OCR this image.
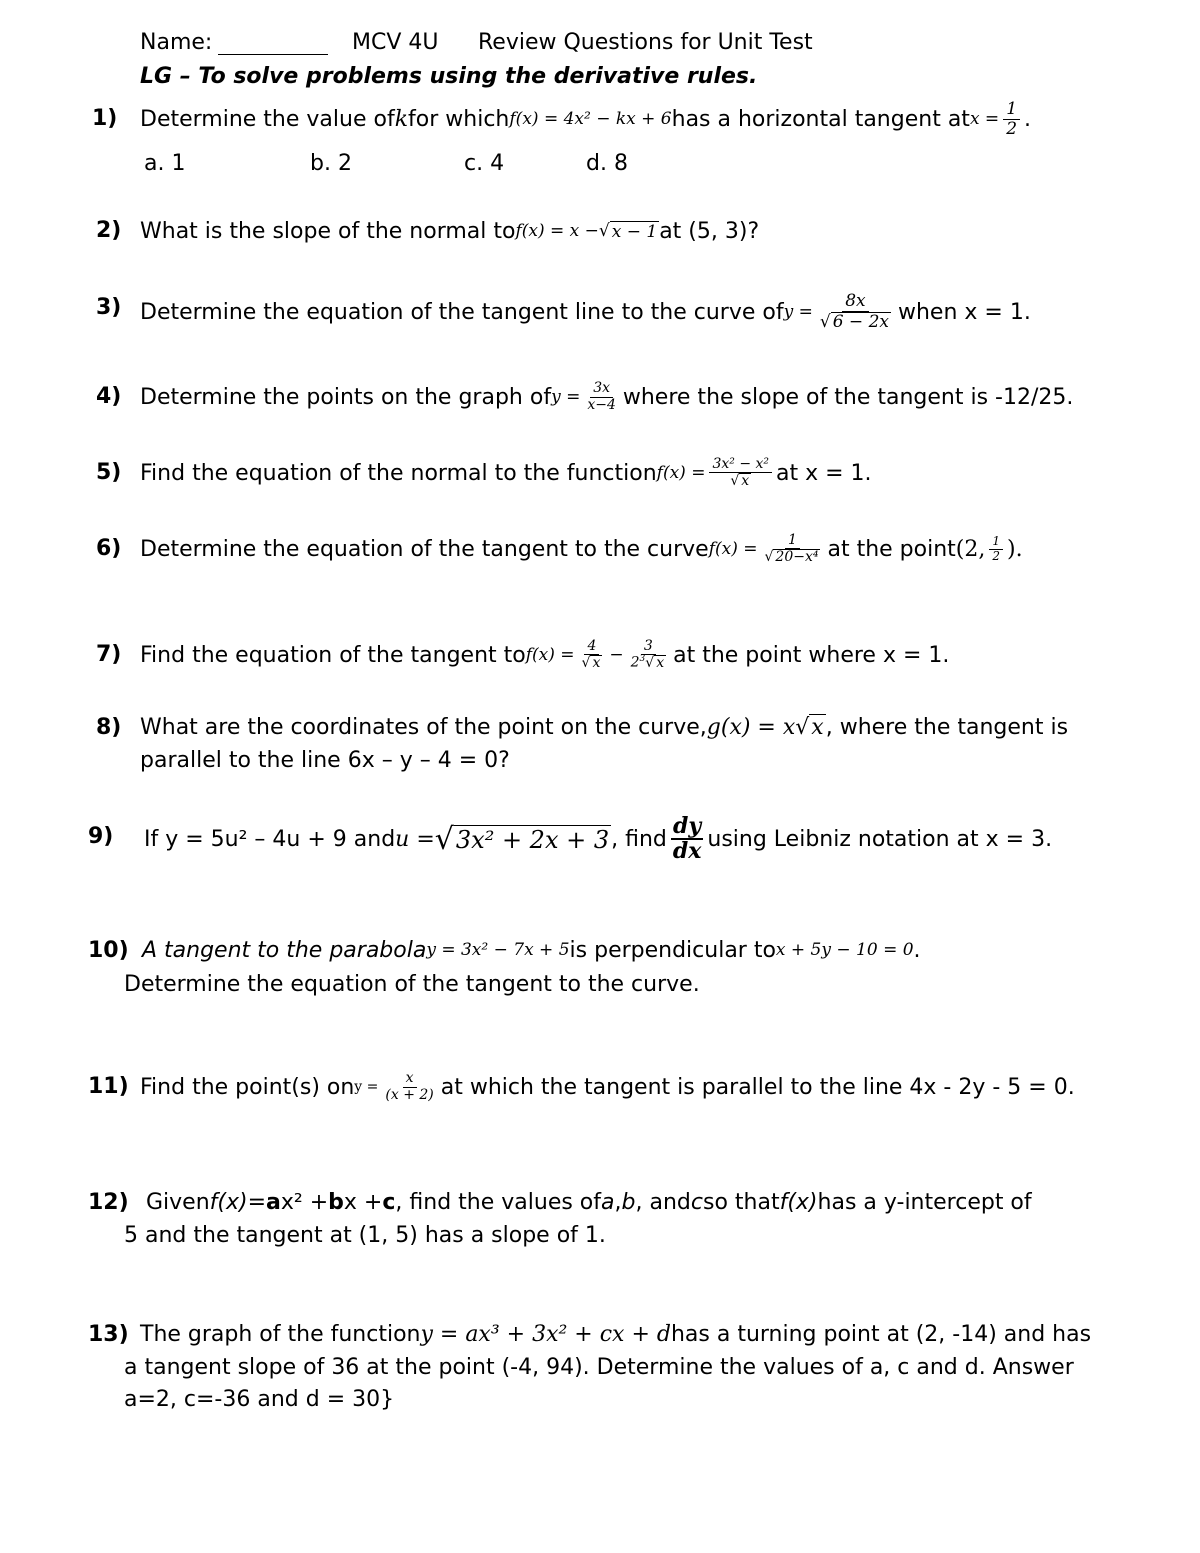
Name:	MCV 4U Review Questions for Unit Test
LG – To solve problems using the derivative rules.
1) Determine the value of k for which f(x) = 4x² − kx + 6 has a horizontal tangent at $x = \frac{1}{2}$ .
a. 1	b. 2	c. 4	d. 8
2) What is the slope of the normal to f(x) = x − √ x − 1 at (5, 3)?
3) Determine the equation of the tangent line to the curve of $y = \frac{8x}{√ 6 - 2x}$ when x = 1.
4) Determine the points on the graph of $y = \frac{3x}{x-4}$ where the slope of the tangent is -12/25.
5) Find the equation of the normal to the function $f(x) = \frac{\text{3x² − x²}}{√ x}$ at x = 1.
6) Determine the equation of the tangent to the curve $f(x) = \frac{1}{\text{√ 20−x⁴}}$ at the point (2, $\frac{1}{2}$ ).
7) Find the equation of the tangent to $f(x) = \frac{4}{√ x} - \frac{3}{2^3 √ x}$ at the point where x = 1.
8) What are the coordinates of the point on the curve, g(x) = x √ x , where the tangent is
parallel to the line 6x – y – 4 = 0?
9) If y = 5u² – 4u + 9 and u = √ 3x² + 2x + 3 , find
dy
dx using Leibniz notation at x = 3.
10) A tangent to the parabola y = 3x² − 7x + 5 is perpendicular to x + 5y − 10 = 0 .
Determine the equation of the tangent to the curve.
11) Find the point(s) on $y = \frac{x}{(x + 2)}$ at which the tangent is parallel to the line 4x - 2y - 5 = 0.
12) Given f(x) = a x² + b x + c , find the values of a , b , and c so that f(x) has a y-intercept of
5 and the tangent at (1, 5) has a slope of 1.
13) The graph of the function y = ax³ + 3x² + cx + d has a turning point at (2, -14) and has
a tangent slope of 36 at the point (-4, 94). Determine the values of a, c and d. Answer
a=2, c=-36 and d = 30}
